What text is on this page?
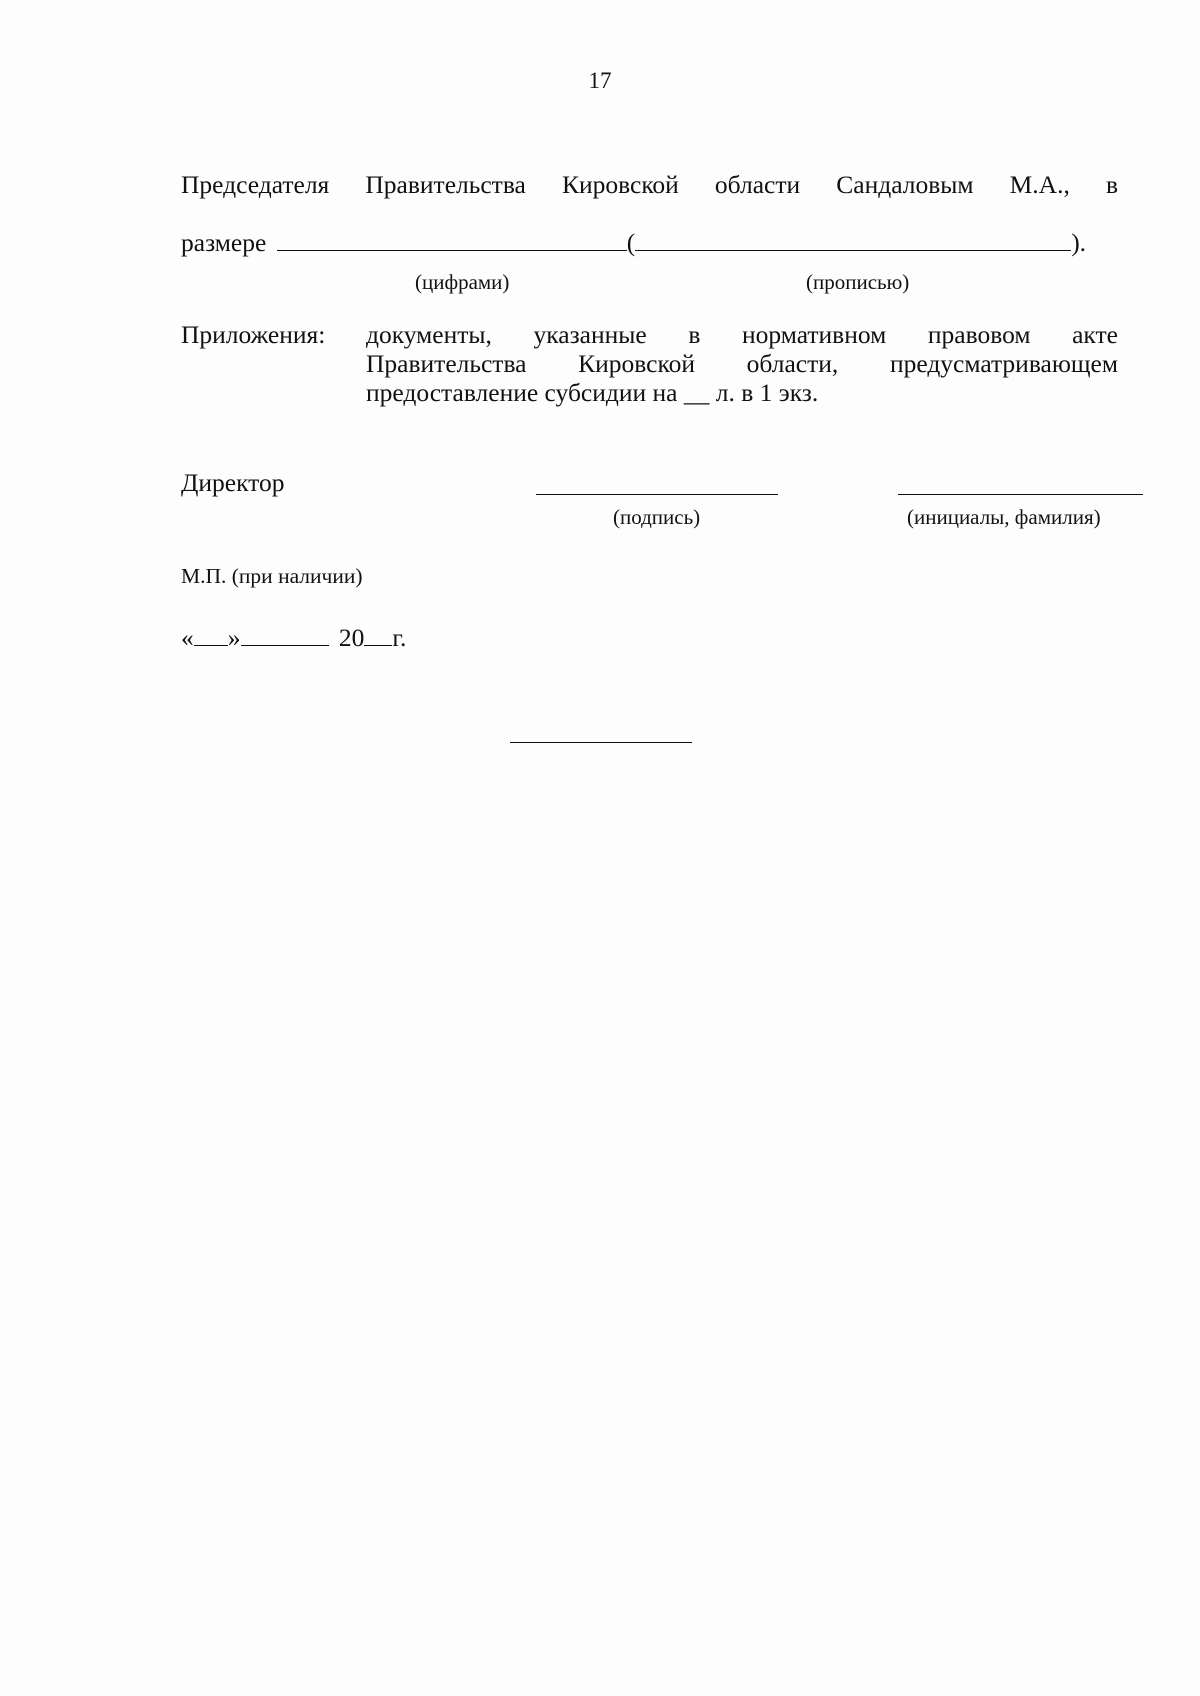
17
Председателя Правительства Кировской области Сандаловым М.А., в
размере	(	).
(цифрами)	(прописью)
Приложения: документы, указанные в нормативном правовом акте
Правительства Кировской области, предусматривающем
предоставление субсидии на __ л. в 1 экз.
Директор
(подпись)	(инициалы, фамилия)
М.П. (при наличии)
« »	20 г.
